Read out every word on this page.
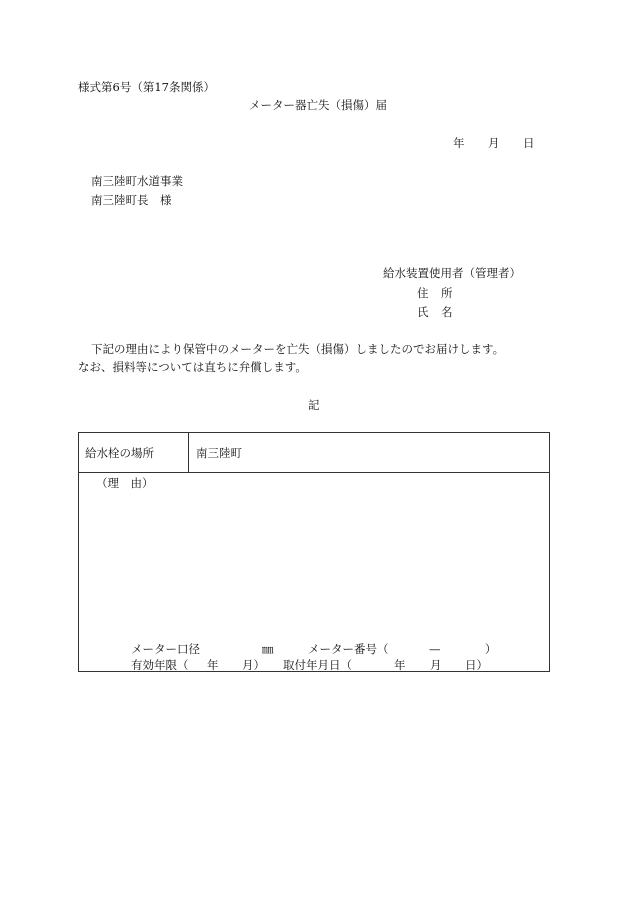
様式第6号（第17条関係）
メーター器亡失（損傷）届
年 月 日
南三陸町水道事業
南三陸町長　様
給水装置使用者（管理者）
住 所
氏 名
下記の理由により保管中のメーターを亡失（損傷）しましたのでお届けします。
なお、損料等については直ちに弁償します。
記
給水栓の場所	南三陸町
（理　由）
メーター口径	㎜	メーター番号（	—	）
有効年限（ 年 月） 取付年月日（	年 月 日）
